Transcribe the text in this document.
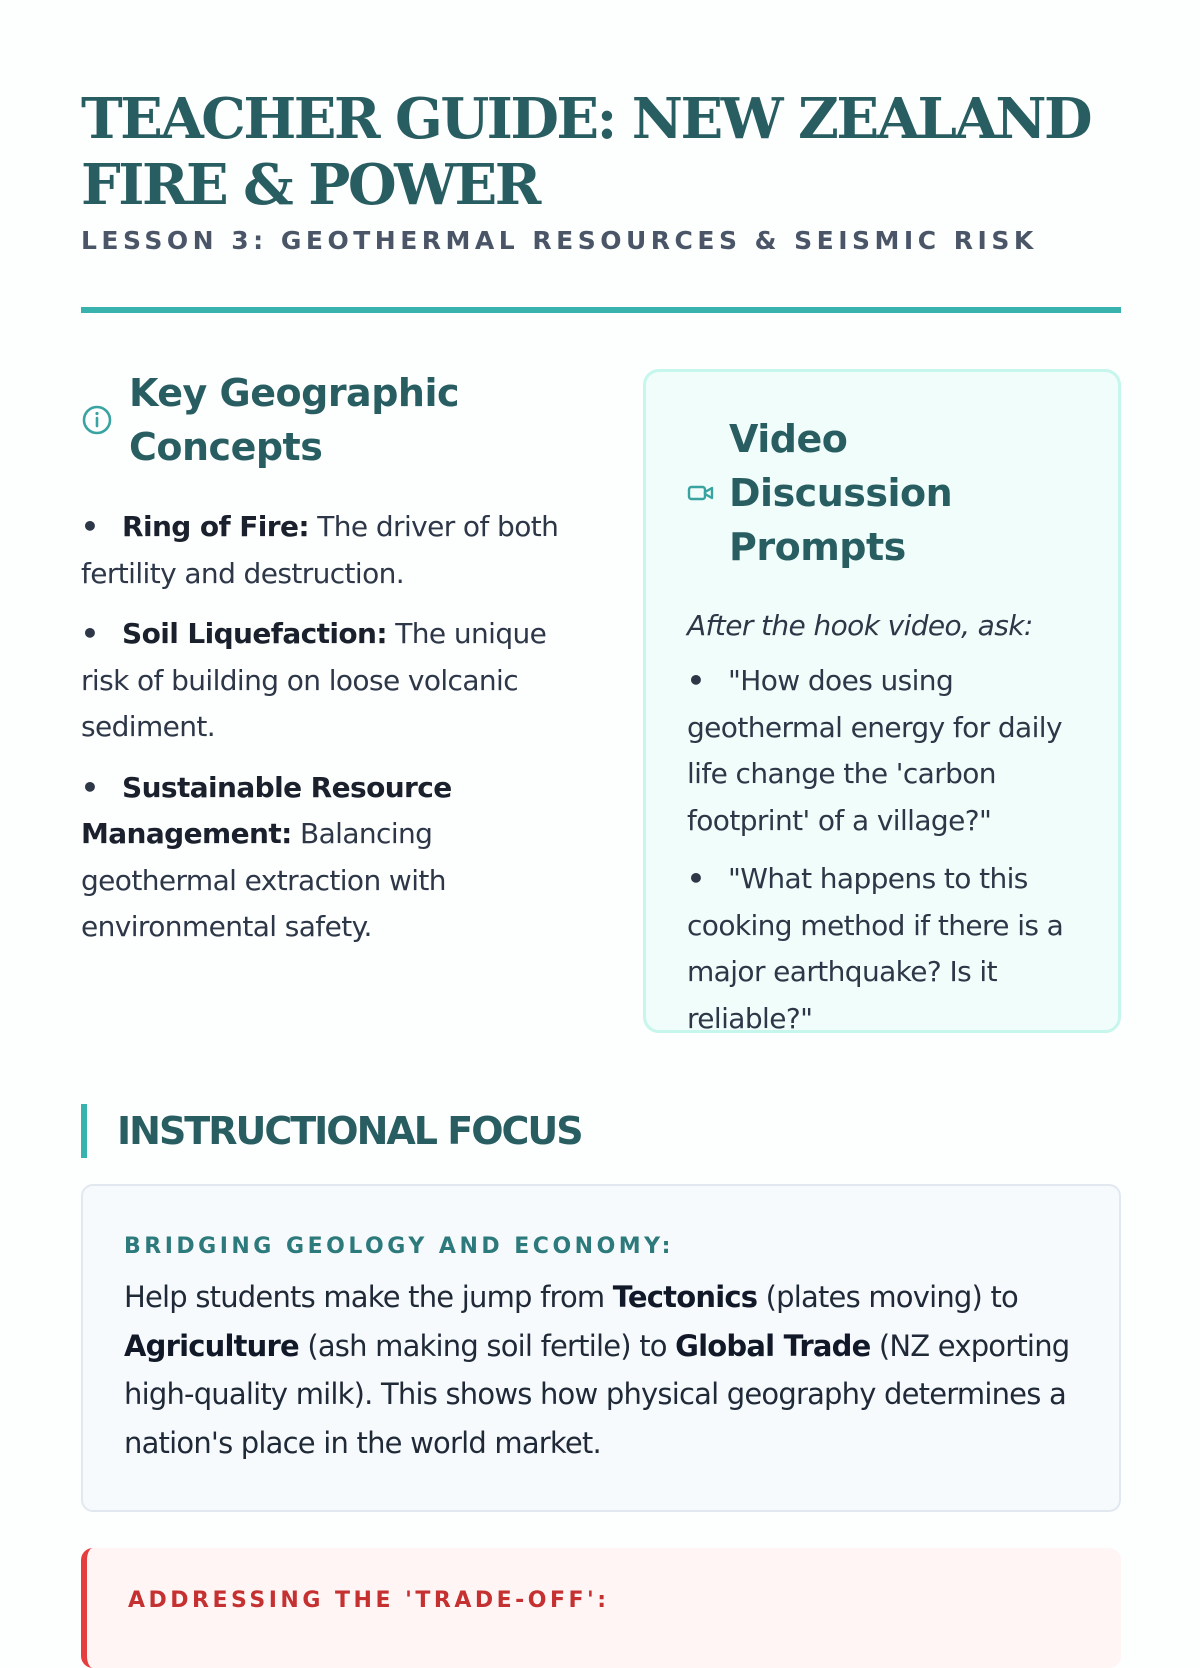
TEACHER GUIDE: NEW ZEALAND FIRE & POWER
LESSON 3: GEOTHERMAL RESOURCES & SEISMIC RISK
Key Geographic Concepts
• Ring of Fire: The driver of both fertility and destruction.
• Soil Liquefaction: The unique risk of building on loose volcanic sediment.
• Sustainable Resource Management: Balancing geothermal extraction with environmental safety.
Video Discussion Prompts

After the hook video, ask:

• "How does using geothermal energy for daily life change the 'carbon footprint' of a village?"
• "What happens to this cooking method if there is a major earthquake? Is it reliable?"
INSTRUCTIONAL FOCUS
BRIDGING GEOLOGY AND ECONOMY:

Help students make the jump from Tectonics (plates moving) to Agriculture (ash making soil fertile) to Global Trade (NZ exporting high-quality milk). This shows how physical geography determines a nation's place in the world market.

ADDRESSING THE 'TRADE-OFF':
